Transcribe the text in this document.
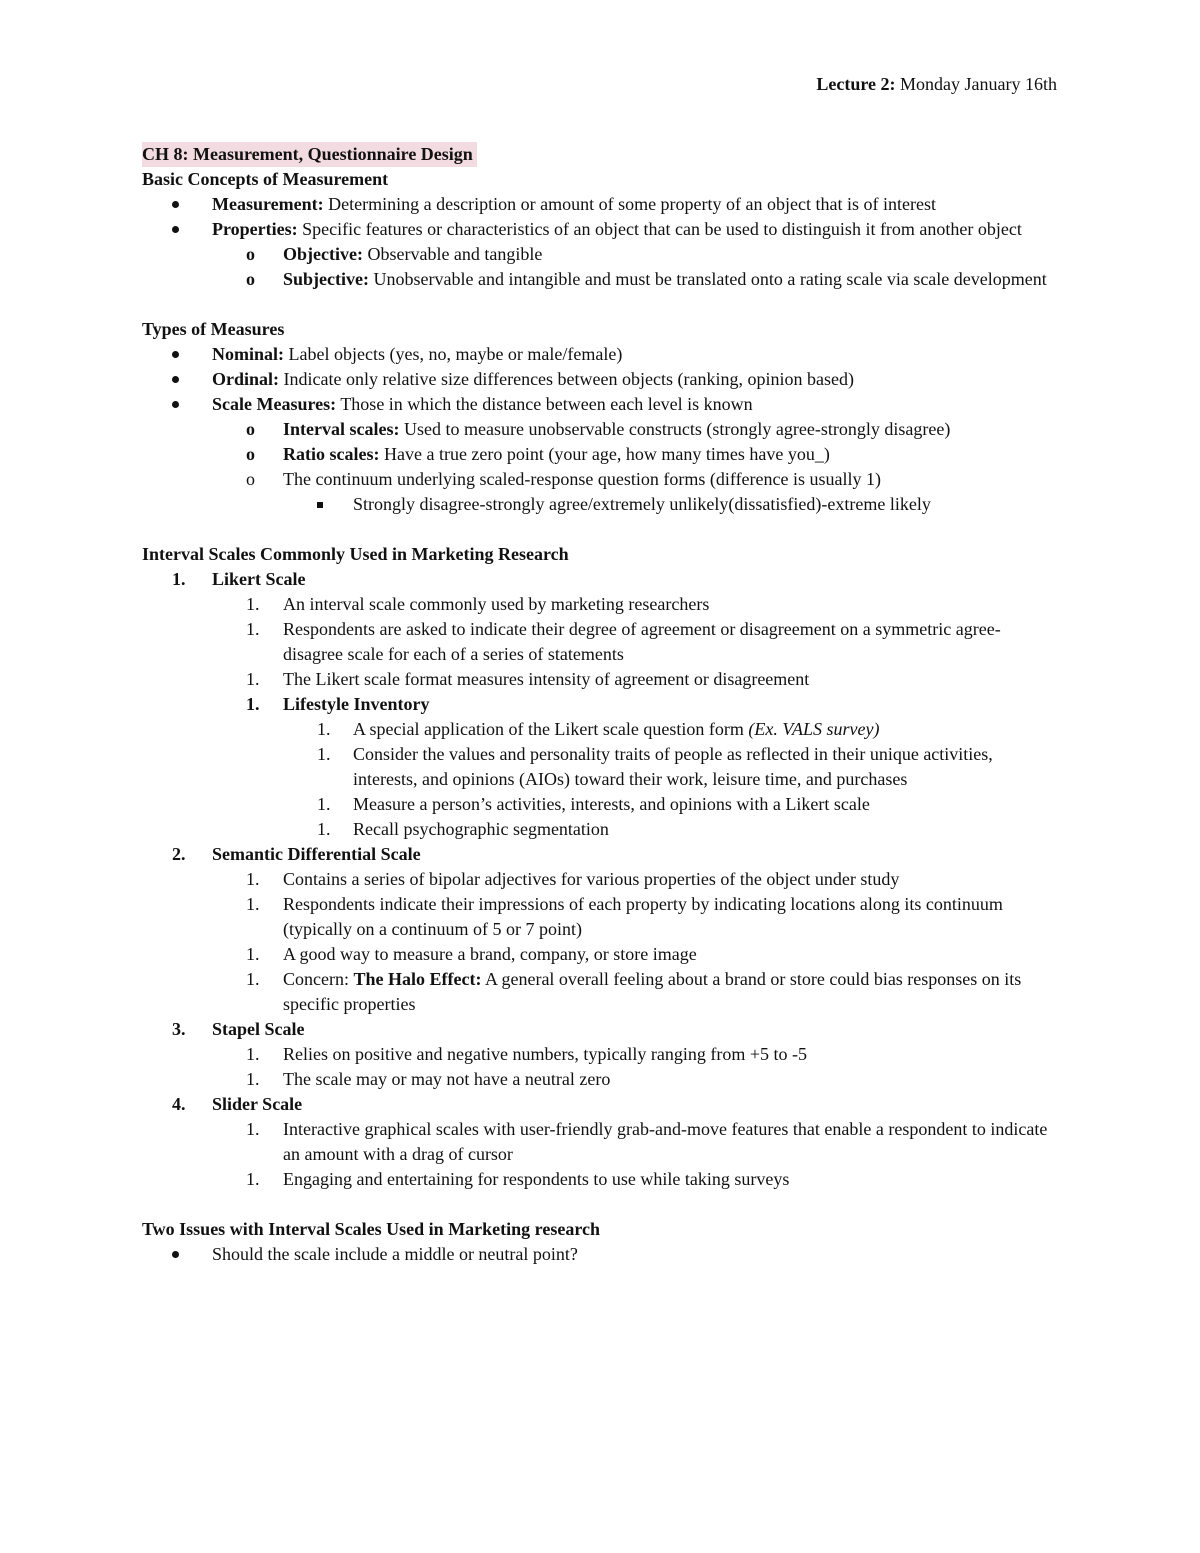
Lecture 2: Monday January 16th
CH 8: Measurement, Questionnaire Design
Basic Concepts of Measurement
Measurement: Determining a description or amount of some property of an object that is of interest
Properties: Specific features or characteristics of an object that can be used to distinguish it from another object
o Objective: Observable and tangible
o Subjective: Unobservable and intangible and must be translated onto a rating scale via scale development
Types of Measures
Nominal: Label objects (yes, no, maybe or male/female)
Ordinal: Indicate only relative size differences between objects (ranking, opinion based)
Scale Measures: Those in which the distance between each level is known
o Interval scales: Used to measure unobservable constructs (strongly agree-strongly disagree)
o Ratio scales: Have a true zero point (your age, how many times have you_)
o The continuum underlying scaled-response question forms (difference is usually 1)
Strongly disagree-strongly agree/extremely unlikely(dissatisfied)-extreme likely
Interval Scales Commonly Used in Marketing Research
1. Likert Scale
1. An interval scale commonly used by marketing researchers
1. Respondents are asked to indicate their degree of agreement or disagreement on a symmetric agree-disagree scale for each of a series of statements
1. The Likert scale format measures intensity of agreement or disagreement
1. Lifestyle Inventory
1. A special application of the Likert scale question form (Ex. VALS survey)
1. Consider the values and personality traits of people as reflected in their unique activities, interests, and opinions (AIOs) toward their work, leisure time, and purchases
1. Measure a person’s activities, interests, and opinions with a Likert scale
1. Recall psychographic segmentation
2. Semantic Differential Scale
1. Contains a series of bipolar adjectives for various properties of the object under study
1. Respondents indicate their impressions of each property by indicating locations along its continuum (typically on a continuum of 5 or 7 point)
1. A good way to measure a brand, company, or store image
1. Concern: The Halo Effect: A general overall feeling about a brand or store could bias responses on its specific properties
3. Stapel Scale
1. Relies on positive and negative numbers, typically ranging from +5 to -5
1. The scale may or may not have a neutral zero
4. Slider Scale
1. Interactive graphical scales with user-friendly grab-and-move features that enable a respondent to indicate an amount with a drag of cursor
1. Engaging and entertaining for respondents to use while taking surveys
Two Issues with Interval Scales Used in Marketing research
Should the scale include a middle or neutral point?
